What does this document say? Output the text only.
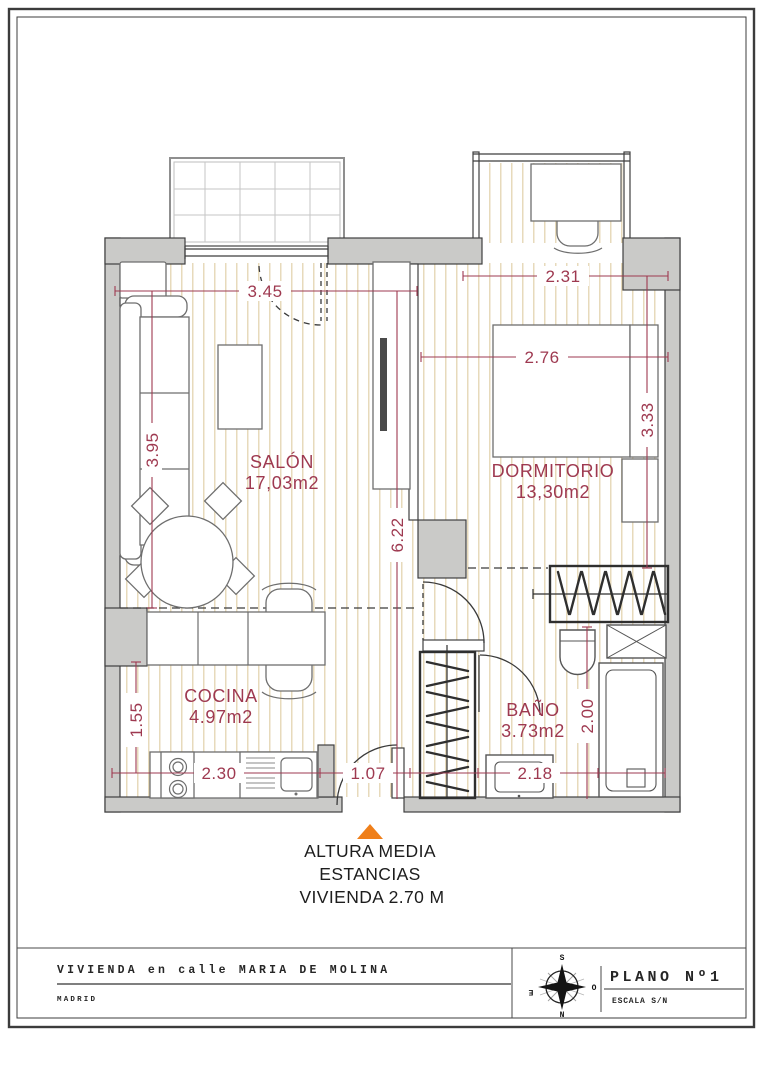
3.45
2.31
2.76
2.30	1.07	2.18
3.95
6.22
1.55
3.33
2.00
SALÓN
17,03m2
DORMITORIO
13,30m2
COCINA
4.97m2	BAÑO
3.73m2
ALTURA MEDIA
ESTANCIAS
VIVIENDA 2.70 M
VIVIENDA en calle MARIA DE MOLINA
MADRID
PLANO Nº1
ESCALA S/N
S
N
E	O
